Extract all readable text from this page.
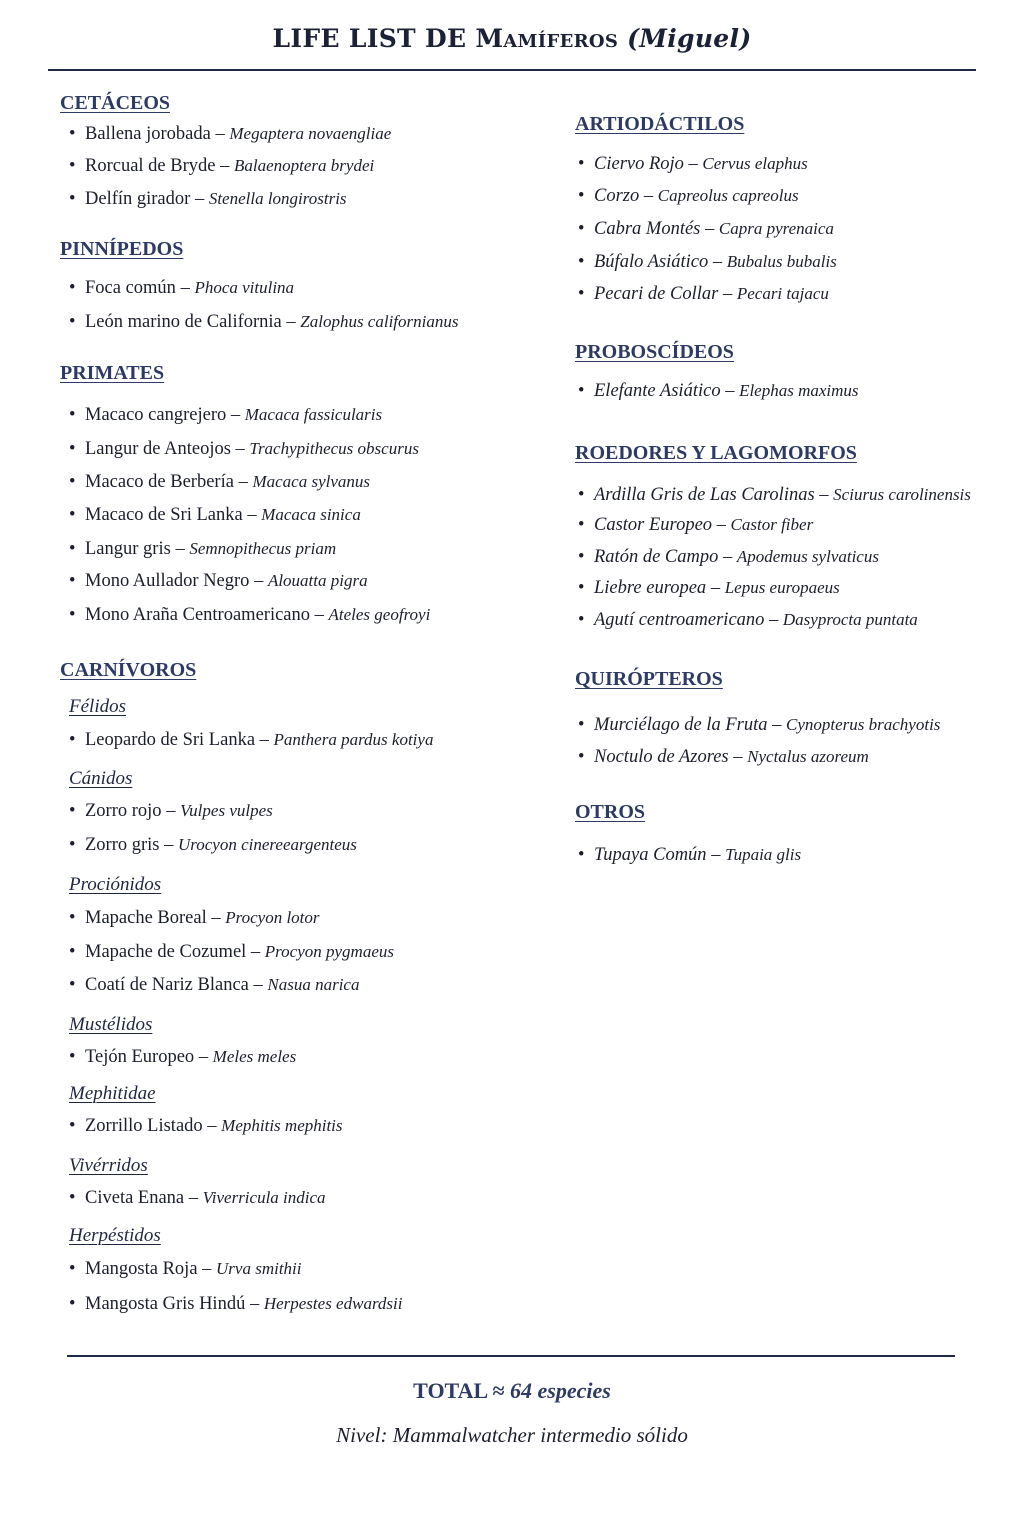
LIFE LIST DE Mamíferos (Miguel)
CETÁCEOS
• Ballena jorobada – Megaptera novaengliae
• Rorcual de Bryde – Balaenoptera brydei
• Delfín girador – Stenella longirostris
PINNÍPEDOS
• Foca común – Phoca vitulina
• León marino de California – Zalophus californianus
PRIMATES
• Macaco cangrejero – Macaca fassicularis
• Langur de Anteojos – Trachypithecus obscurus
• Macaco de Berbería – Macaca sylvanus
• Macaco de Sri Lanka – Macaca sinica
• Langur gris – Semnopithecus priam
• Mono Aullador Negro – Alouatta pigra
• Mono Araña Centroamericano – Ateles geofroyi
CARNÍVOROS
Félidos
• Leopardo de Sri Lanka – Panthera pardus kotiya
Cánidos
• Zorro rojo – Vulpes vulpes
• Zorro gris – Urocyon cinereeargenteus
Prociónidos
• Mapache Boreal – Procyon lotor
• Mapache de Cozumel – Procyon pygmaeus
• Coatí de Nariz Blanca – Nasua narica
Mustélidos
• Tejón Europeo – Meles meles
Mephitidae
• Zorrillo Listado – Mephitis mephitis
Vivérridos
• Civeta Enana – Viverricula indica
Herpéstidos
• Mangosta Roja – Urva smithii
• Mangosta Gris Hindú – Herpestes edwardsii
ARTIODÁCTILOS
• Ciervo Rojo – Cervus elaphus
• Corzo – Capreolus capreolus
• Cabra Montés – Capra pyrenaica
• Búfalo Asiático – Bubalus bubalis
• Pecari de Collar – Pecari tajacu
PROBOSCÍDEOS
• Elefante Asiático – Elephas maximus
ROEDORES Y LAGOMORFOS
• Ardilla Gris de Las Carolinas – Sciurus carolinensis
• Castor Europeo – Castor fiber
• Ratón de Campo – Apodemus sylvaticus
• Liebre europea – Lepus europaeus
• Agutí centroamericano – Dasyprocta puntata
QUIRÓPTEROS
• Murciélago de la Fruta – Cynopterus brachyotis
• Noctulo de Azores – Nyctalus azoreum
OTROS
• Tupaya Común – Tupaia glis
TOTAL ≈ 64 especies
Nivel: Mammalwatcher intermedio sólido
